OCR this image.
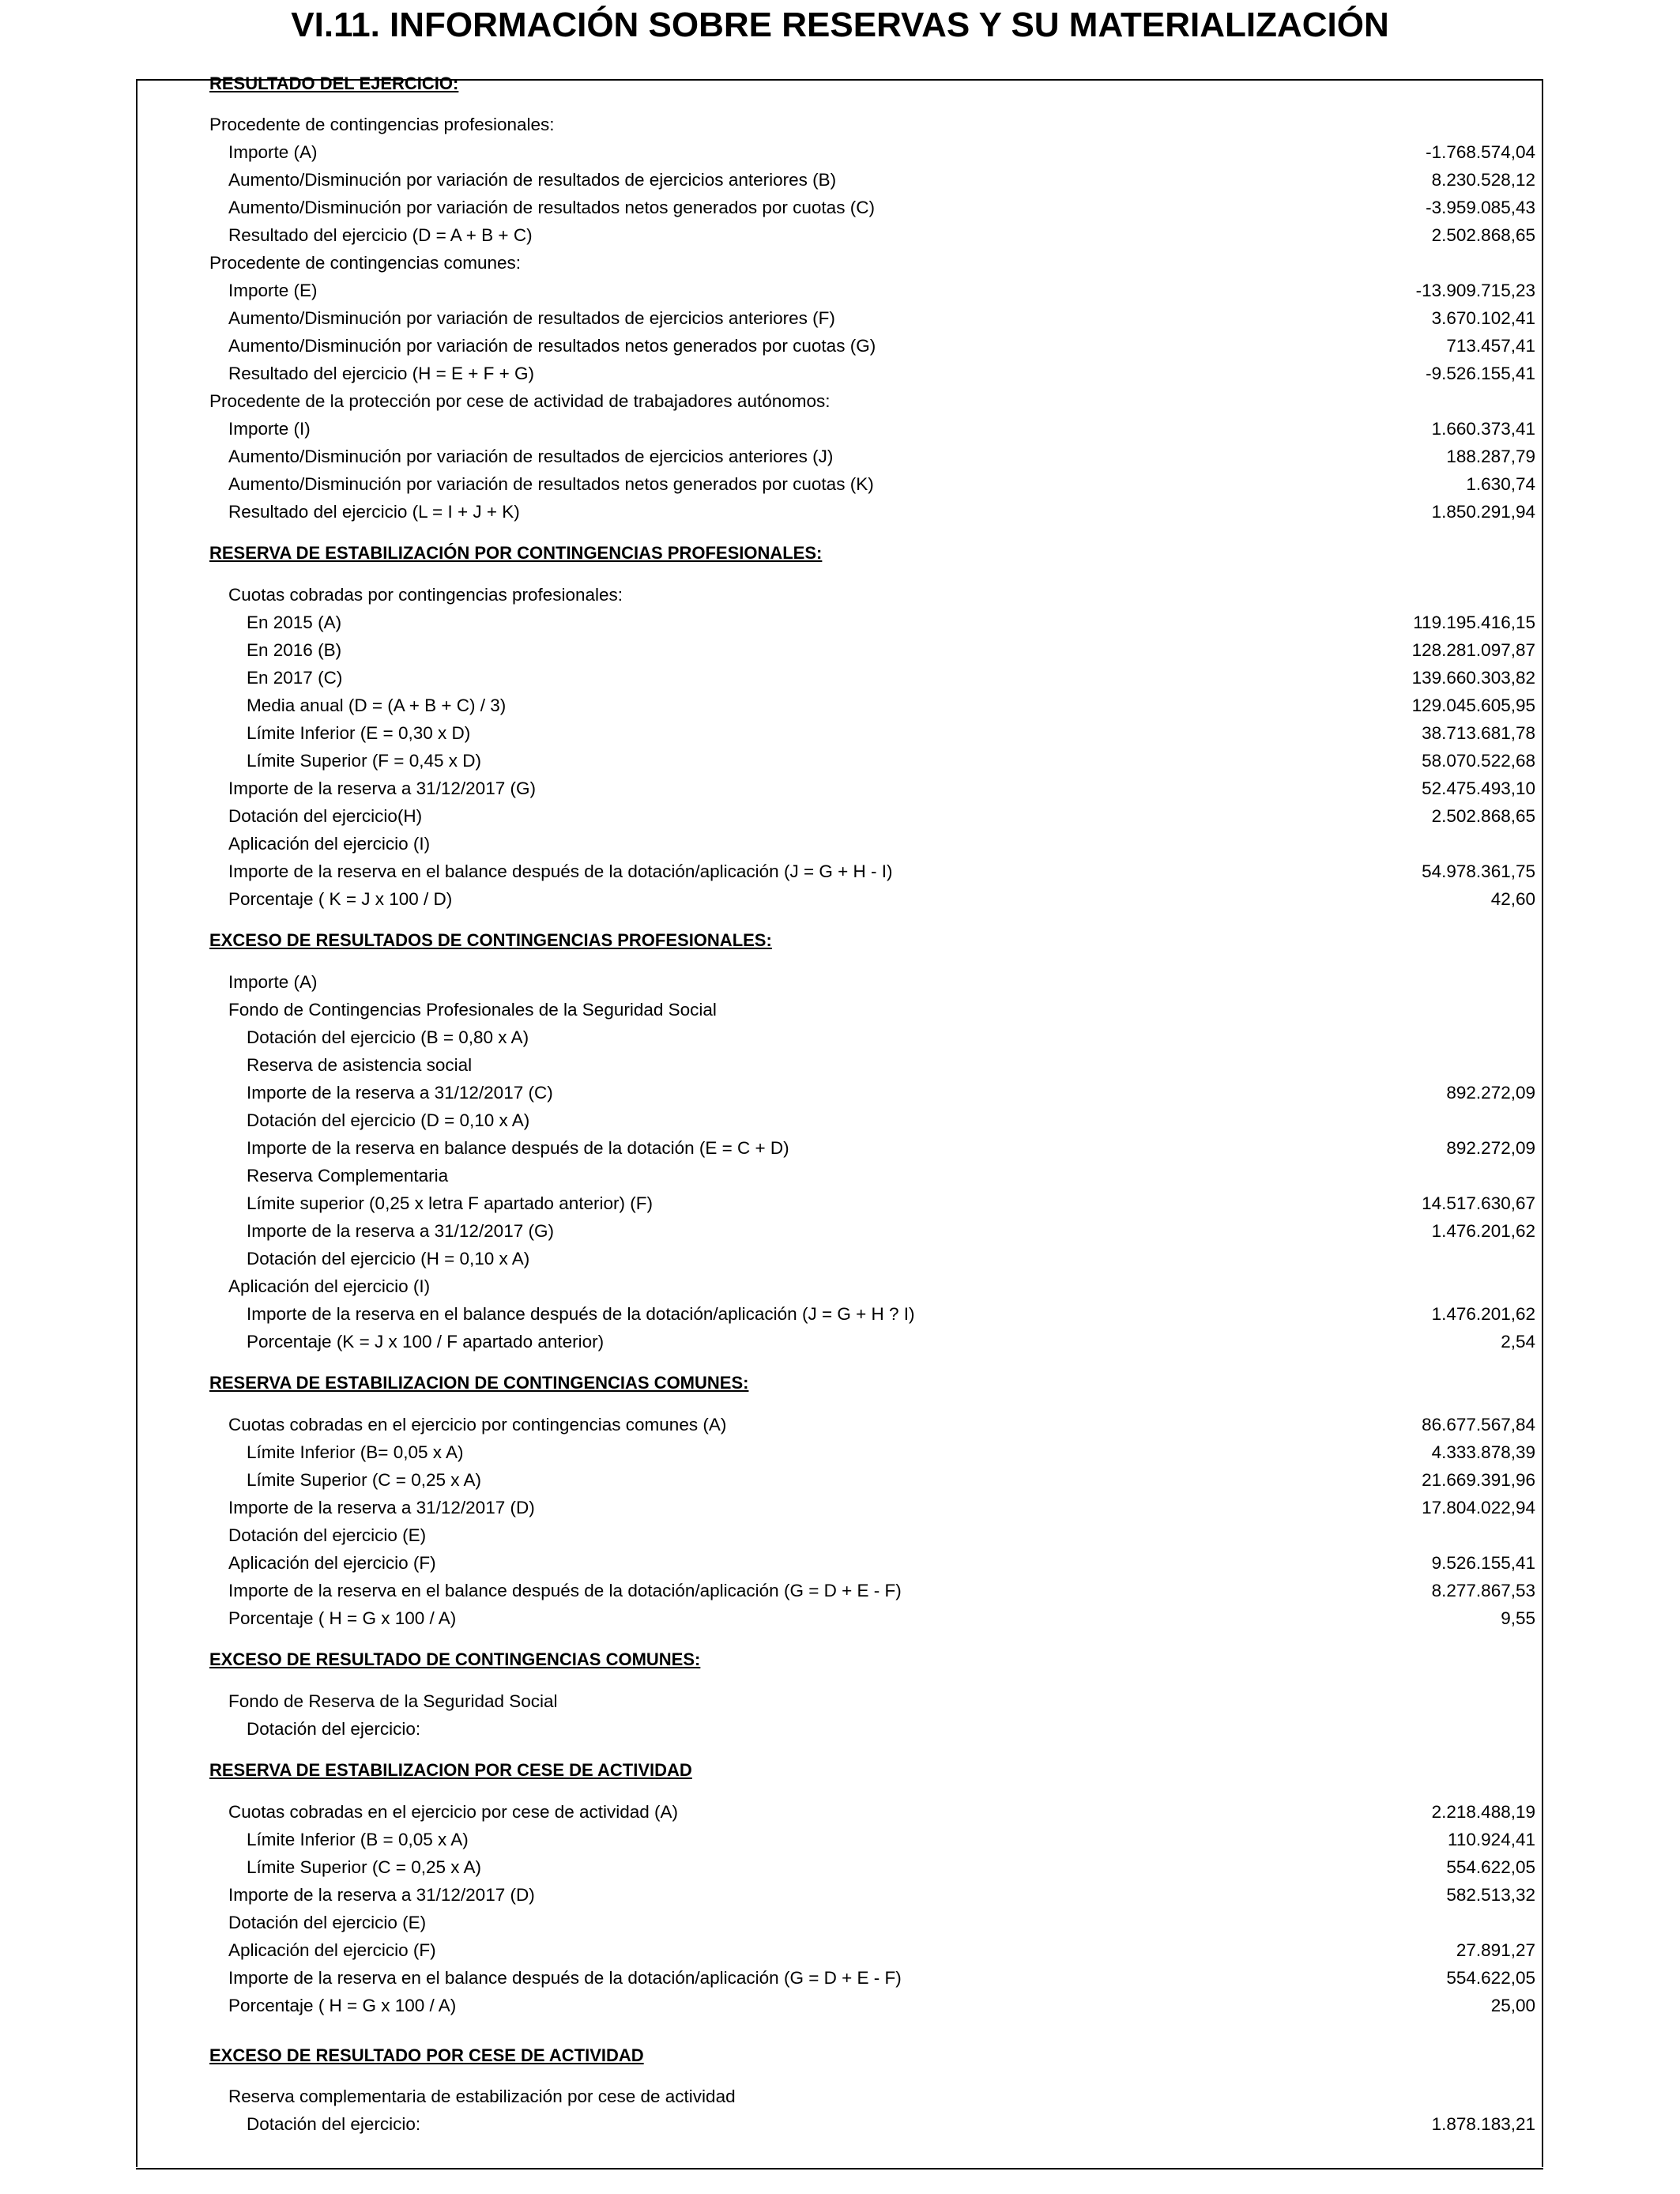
VI.11. INFORMACIÓN SOBRE RESERVAS Y SU MATERIALIZACIÓN
RESULTADO DEL EJERCICIO:
Procedente de contingencias profesionales:
Importe (A)	-1.768.574,04
Aumento/Disminución por variación de resultados de ejercicios anteriores (B)	8.230.528,12
Aumento/Disminución por variación de resultados netos generados por cuotas (C)	-3.959.085,43
Resultado del ejercicio (D = A + B + C)	2.502.868,65
Procedente de contingencias comunes:
Importe (E)	-13.909.715,23
Aumento/Disminución por variación de resultados de ejercicios anteriores (F)	3.670.102,41
Aumento/Disminución por variación de resultados netos generados por cuotas (G)	713.457,41
Resultado del ejercicio (H = E + F + G)	-9.526.155,41
Procedente de la protección por cese de actividad de trabajadores autónomos:
Importe (I)	1.660.373,41
Aumento/Disminución por variación de resultados de ejercicios anteriores (J)	188.287,79
Aumento/Disminución por variación de resultados netos generados por cuotas (K)	1.630,74
Resultado del ejercicio (L = I + J + K)	1.850.291,94
RESERVA DE ESTABILIZACIÓN POR CONTINGENCIAS PROFESIONALES:
Cuotas cobradas por contingencias profesionales:
En 2015 (A)	119.195.416,15
En 2016 (B)	128.281.097,87
En 2017 (C)	139.660.303,82
Media anual (D = (A + B + C) / 3)	129.045.605,95
Límite Inferior (E = 0,30 x D)	38.713.681,78
Límite Superior (F = 0,45 x D)	58.070.522,68
Importe de la reserva a 31/12/2017 (G)	52.475.493,10
Dotación del ejercicio(H)	2.502.868,65
Aplicación del ejercicio (I)
Importe de la reserva en el balance después de la dotación/aplicación (J = G + H - I)	54.978.361,75
Porcentaje ( K = J x 100 / D)	42,60
EXCESO DE RESULTADOS DE CONTINGENCIAS PROFESIONALES:
Importe (A)
Fondo de Contingencias Profesionales de la Seguridad Social
Dotación del ejercicio (B = 0,80 x A)
Reserva de asistencia social
Importe de la reserva a 31/12/2017 (C)	892.272,09
Dotación del ejercicio (D = 0,10 x A)
Importe de la reserva en balance después de la dotación (E = C + D)	892.272,09
Reserva Complementaria
Límite superior (0,25 x letra F apartado anterior) (F)	14.517.630,67
Importe de la reserva a 31/12/2017 (G)	1.476.201,62
Dotación del ejercicio (H = 0,10 x A)
Aplicación del ejercicio (I)
Importe de la reserva en el balance después de la dotación/aplicación (J = G + H ? I)	1.476.201,62
Porcentaje (K = J x 100 / F apartado anterior)	2,54
RESERVA DE ESTABILIZACION DE CONTINGENCIAS COMUNES:
Cuotas cobradas en el ejercicio por contingencias comunes (A)	86.677.567,84
Límite Inferior (B= 0,05 x A)	4.333.878,39
Límite Superior (C = 0,25 x A)	21.669.391,96
Importe de la reserva a 31/12/2017 (D)	17.804.022,94
Dotación del ejercicio (E)
Aplicación del ejercicio (F)	9.526.155,41
Importe de la reserva en el balance después de la dotación/aplicación (G = D + E - F)	8.277.867,53
Porcentaje ( H = G x 100 / A)	9,55
EXCESO DE RESULTADO DE CONTINGENCIAS COMUNES:
Fondo de Reserva de la Seguridad Social
Dotación del ejercicio:
RESERVA DE ESTABILIZACION POR CESE DE ACTIVIDAD
Cuotas cobradas en el ejercicio por cese de actividad (A)	2.218.488,19
Límite Inferior (B = 0,05 x A)	110.924,41
Límite Superior (C = 0,25 x A)	554.622,05
Importe de la reserva a 31/12/2017 (D)	582.513,32
Dotación del ejercicio (E)
Aplicación del ejercicio (F)	27.891,27
Importe de la reserva en el balance después de la dotación/aplicación (G = D + E - F)	554.622,05
Porcentaje ( H = G x 100 / A)	25,00
EXCESO DE RESULTADO POR CESE DE ACTIVIDAD
Reserva complementaria de estabilización por cese de actividad
Dotación del ejercicio:	1.878.183,21
